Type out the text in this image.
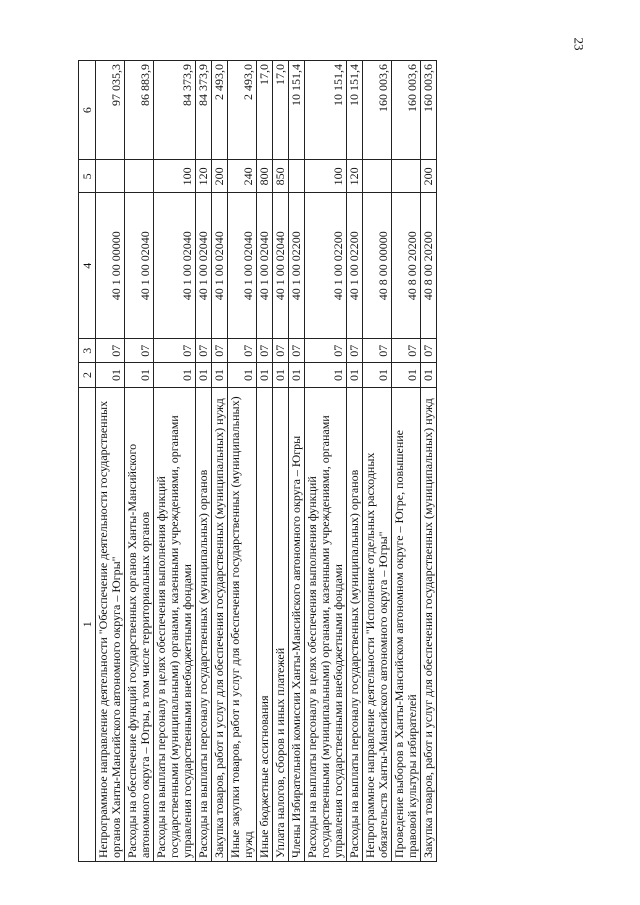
23
1	2	3	4	5	6
Непрограммное направление деятельности "Обеспечение деятельности государственных органов Ханты-Мансийского автономного округа – Югры"	01	07	40 1 00 00000		97 035,3
Расходы на обеспечение функций государственных органов Ханты-Мансийского автономного округа – Югры, в том числе территориальных органов	01	07	40 1 00 02040		86 883,9
Расходы на выплаты персоналу в целях обеспечения выполнения функций государственными (муниципальными) органами, казенными учреждениями, органами управления государственными внебюджетными фондами	01	07	40 1 00 02040	100	84 373,9
Расходы на выплаты персоналу государственных (муниципальных) органов	01	07	40 1 00 02040	120	84 373,9
Закупка товаров, работ и услуг для обеспечения государственных (муниципальных) нужд	01	07	40 1 00 02040	200	2 493,0
Иные закупки товаров, работ и услуг для обеспечения государственных (муниципальных) нужд	01	07	40 1 00 02040	240	2 493,0
Иные бюджетные ассигнования	01	07	40 1 00 02040	800	17,0
Уплата налогов, сборов и иных платежей	01	07	40 1 00 02040	850	17,0
Члены Избирательной комиссии Ханты-Мансийского автономного округа – Югры	01	07	40 1 00 02200		10 151,4
Расходы на выплаты персоналу в целях обеспечения выполнения функций государственными (муниципальными) органами, казенными учреждениями, органами управления государственными внебюджетными фондами	01	07	40 1 00 02200	100	10 151,4
Расходы на выплаты персоналу государственных (муниципальных) органов	01	07	40 1 00 02200	120	10 151,4
Непрограммное направление деятельности "Исполнение отдельных расходных обязательств Ханты-Мансийского автономного округа – Югры"	01	07	40 8 00 00000		160 003,6
Проведение выборов в Ханты-Мансийском автономном округе – Югре, повышение правовой культуры избирателей	01	07	40 8 00 20200		160 003,6
Закупка товаров, работ и услуг для обеспечения государственных (муниципальных) нужд	01	07	40 8 00 20200	200	160 003,6
